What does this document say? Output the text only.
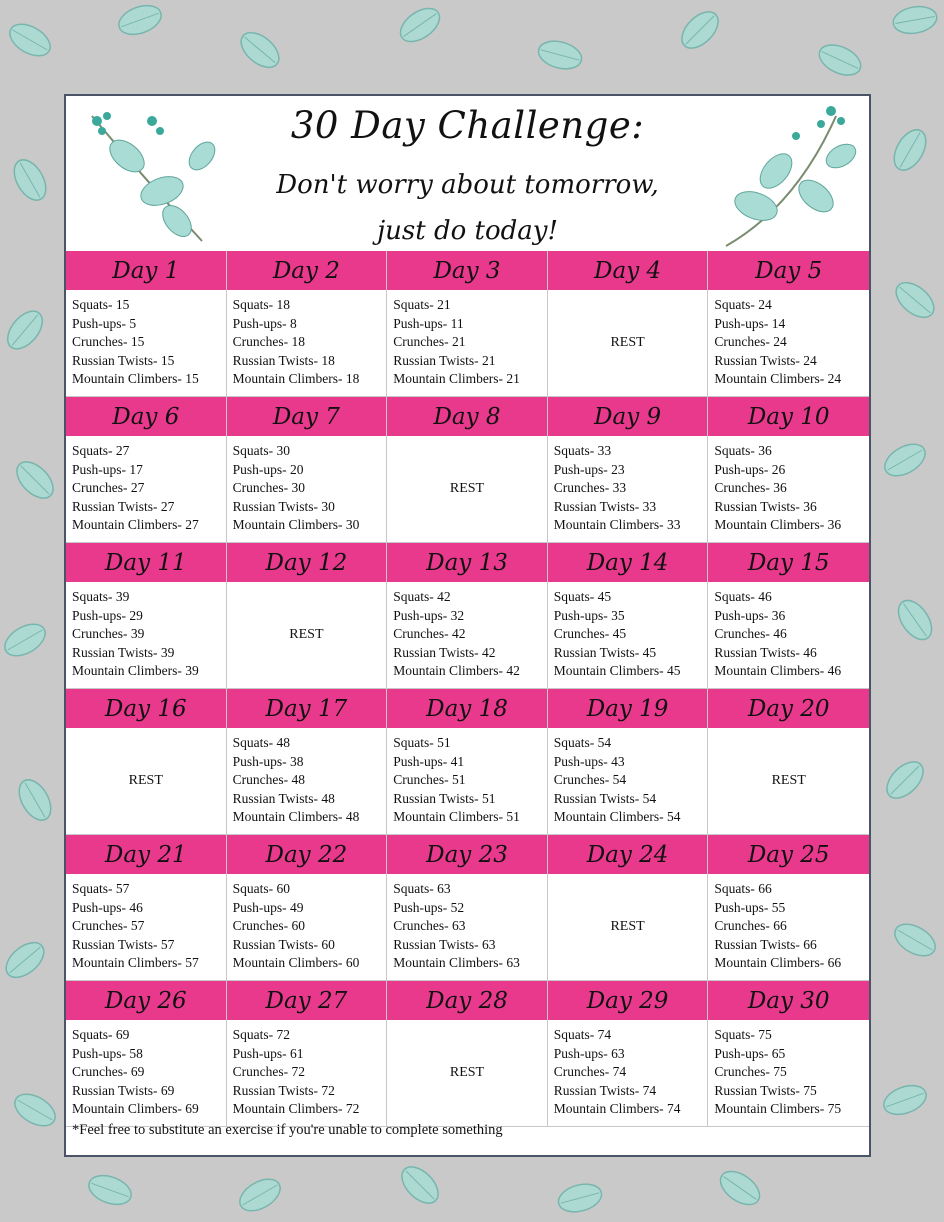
30 Day Challenge:
Don't worry about tomorrow,
just do today!
Day 1
Squats- 15
Push-ups- 5
Crunches- 15
Russian Twists- 15
Mountain Climbers- 15
Day 2
Squats- 18
Push-ups- 8
Crunches- 18
Russian Twists- 18
Mountain Climbers- 18
Day 3
Squats- 21
Push-ups- 11
Crunches- 21
Russian Twists- 21
Mountain Climbers- 21
Day 4
REST
Day 5
Squats- 24
Push-ups- 14
Crunches- 24
Russian Twists- 24
Mountain Climbers- 24
Day 6
Squats- 27
Push-ups- 17
Crunches- 27
Russian Twists- 27
Mountain Climbers- 27
Day 7
Squats- 30
Push-ups- 20
Crunches- 30
Russian Twists- 30
Mountain Climbers- 30
Day 8
REST
Day 9
Squats- 33
Push-ups- 23
Crunches- 33
Russian Twists- 33
Mountain Climbers- 33
Day 10
Squats- 36
Push-ups- 26
Crunches- 36
Russian Twists- 36
Mountain Climbers- 36
Day 11
Squats- 39
Push-ups- 29
Crunches- 39
Russian Twists- 39
Mountain Climbers- 39
Day 12
REST
Day 13
Squats- 42
Push-ups- 32
Crunches- 42
Russian Twists- 42
Mountain Climbers- 42
Day 14
Squats- 45
Push-ups- 35
Crunches- 45
Russian Twists- 45
Mountain Climbers- 45
Day 15
Squats- 46
Push-ups- 36
Crunches- 46
Russian Twists- 46
Mountain Climbers- 46
Day 16
REST
Day 17
Squats- 48
Push-ups- 38
Crunches- 48
Russian Twists- 48
Mountain Climbers- 48
Day 18
Squats- 51
Push-ups- 41
Crunches- 51
Russian Twists- 51
Mountain Climbers- 51
Day 19
Squats- 54
Push-ups- 43
Crunches- 54
Russian Twists- 54
Mountain Climbers- 54
Day 20
REST
Day 21
Squats- 57
Push-ups- 46
Crunches- 57
Russian Twists- 57
Mountain Climbers- 57
Day 22
Squats- 60
Push-ups- 49
Crunches- 60
Russian Twists- 60
Mountain Climbers- 60
Day 23
Squats- 63
Push-ups- 52
Crunches- 63
Russian Twists- 63
Mountain Climbers- 63
Day 24
REST
Day 25
Squats- 66
Push-ups- 55
Crunches- 66
Russian Twists- 66
Mountain Climbers- 66
Day 26
Squats- 69
Push-ups- 58
Crunches- 69
Russian Twists- 69
Mountain Climbers- 69
Day 27
Squats- 72
Push-ups- 61
Crunches- 72
Russian Twists- 72
Mountain Climbers- 72
Day 28
REST
Day 29
Squats- 74
Push-ups- 63
Crunches- 74
Russian Twists- 74
Mountain Climbers- 74
Day 30
Squats- 75
Push-ups- 65
Crunches- 75
Russian Twists- 75
Mountain Climbers- 75
*Feel free to substitute an exercise if you're unable to complete something
